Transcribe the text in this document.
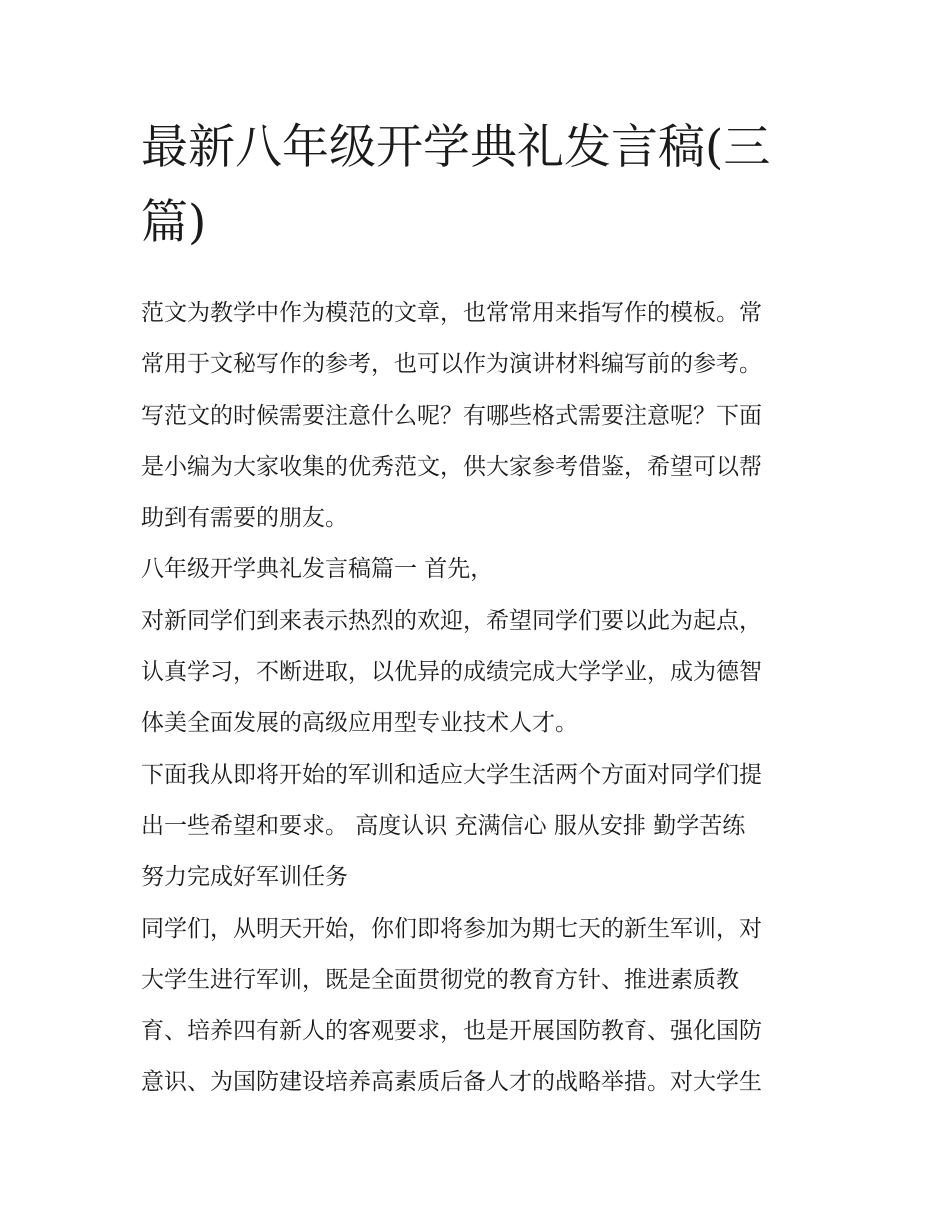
最新八年级开学典礼发言稿(三
篇)
范文为教学中作为模范的文章，也常常用来指写作的模板。常
常用于文秘写作的参考，也可以作为演讲材料编写前的参考。
写范文的时候需要注意什么呢？有哪些格式需要注意呢？下面
是小编为大家收集的优秀范文，供大家参考借鉴，希望可以帮
助到有需要的朋友。
八年级开学典礼发言稿篇一 首先，
对新同学们到来表示热烈的欢迎，希望同学们要以此为起点，
认真学习，不断进取，以优异的成绩完成大学学业，成为德智
体美全面发展的高级应用型专业技术人才。
下面我从即将开始的军训和适应大学生活两个方面对同学们提
出一些希望和要求。 高度认识 充满信心 服从安排 勤学苦练
努力完成好军训任务
同学们，从明天开始，你们即将参加为期七天的新生军训，对
大学生进行军训，既是全面贯彻党的教育方针、推进素质教
育、培养四有新人的客观要求，也是开展国防教育、强化国防
意识、为国防建设培养高素质后备人才的战略举措。对大学生
